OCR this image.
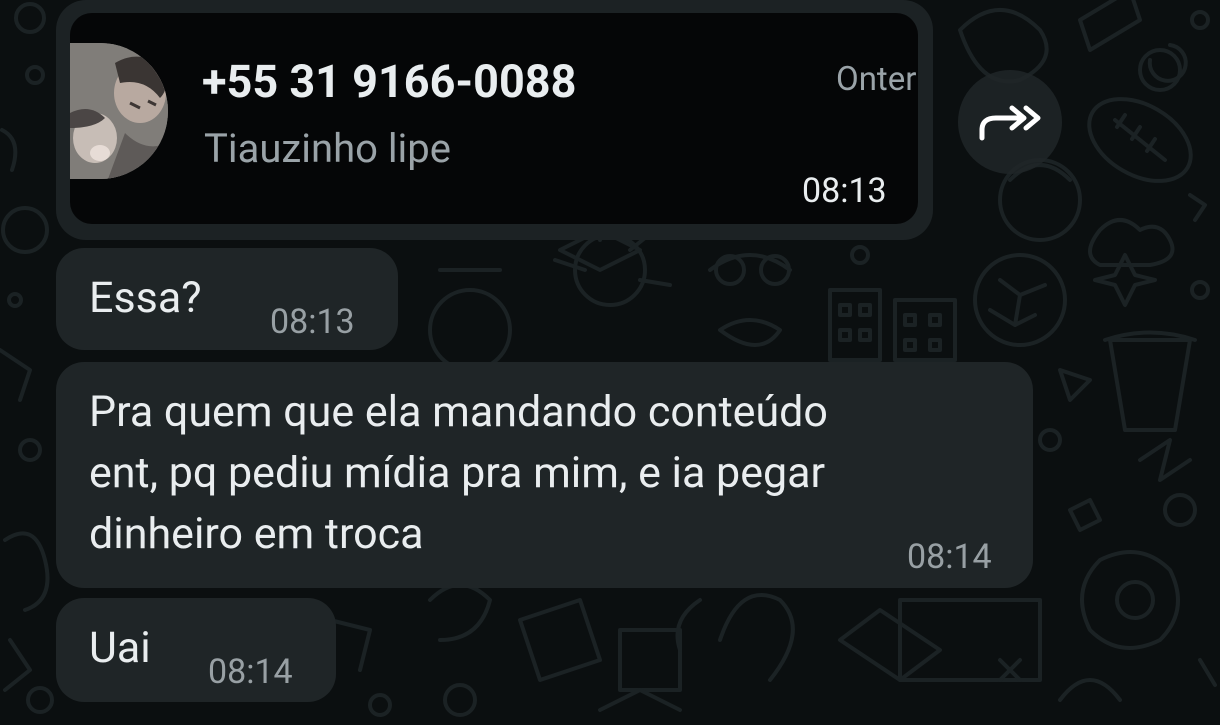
+55 31 9166-0088
Tiauzinho lipe
Onter
08:13
Essa? 08:13
Pra quem que ela mandando conteúdo
ent, pq pediu mídia pra mim, e ia pegar
dinheiro em troca	08:14
Uai 08:14
